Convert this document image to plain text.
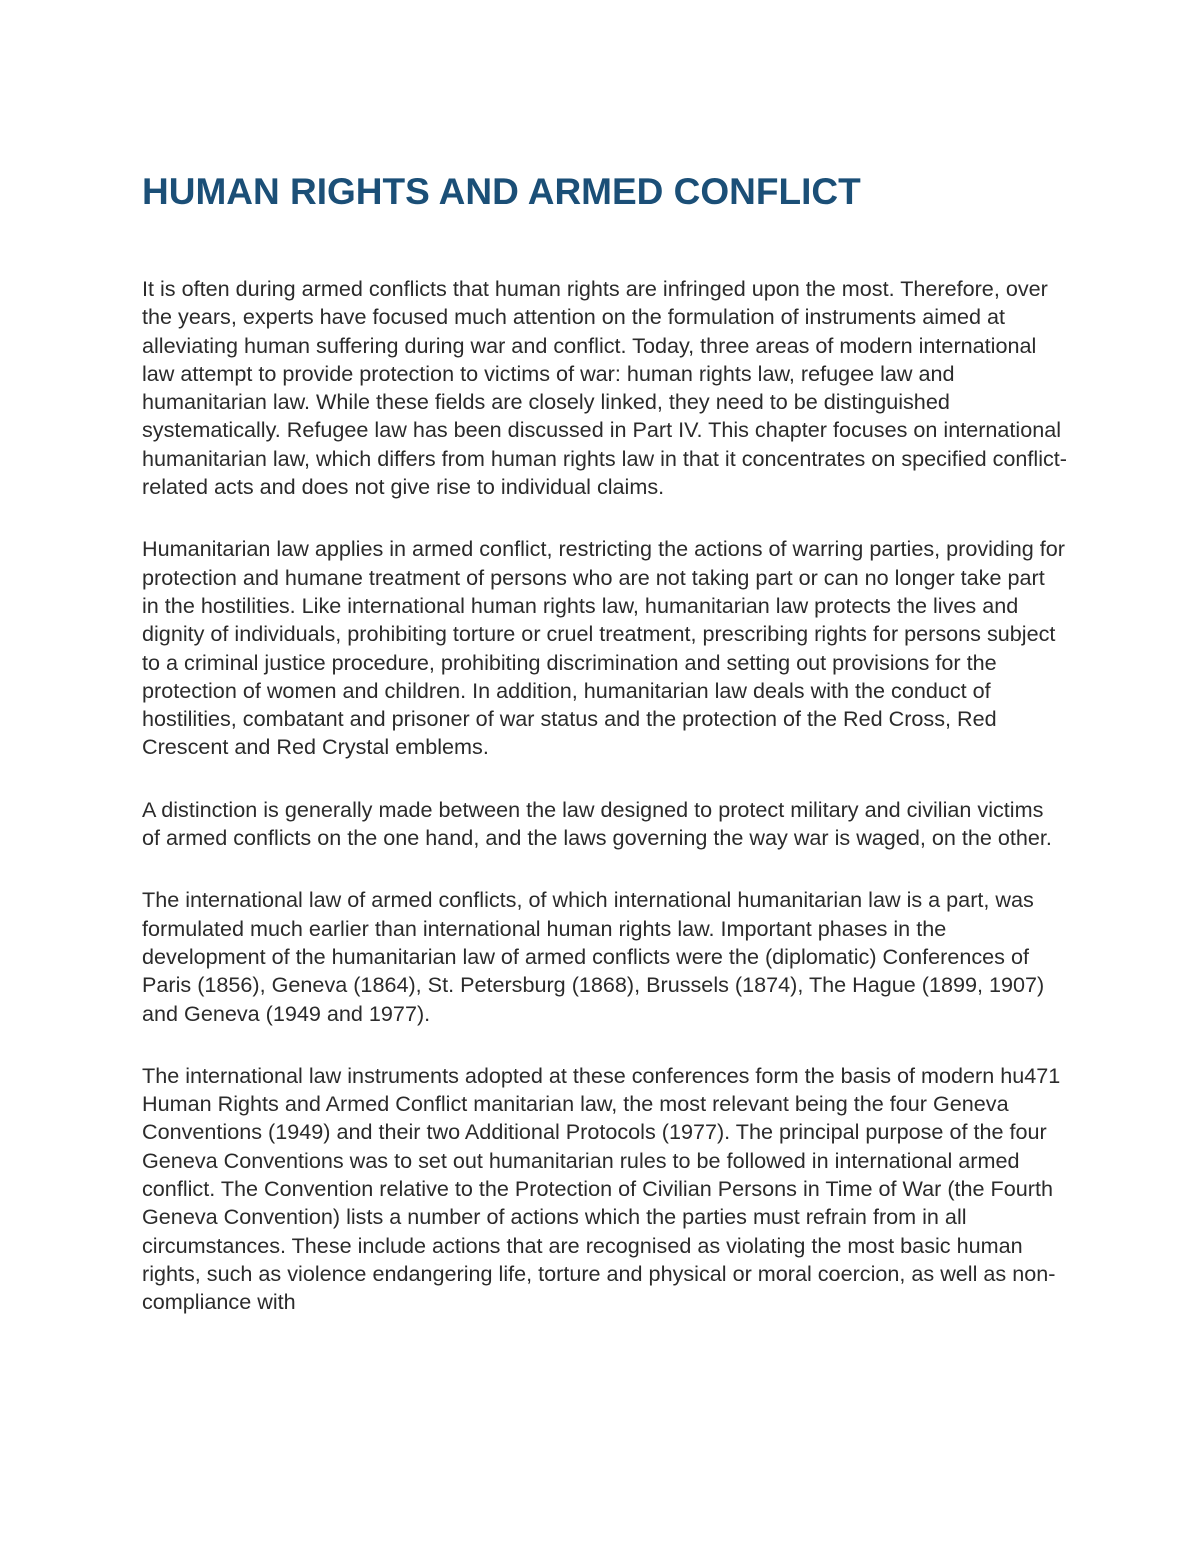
HUMAN RIGHTS AND ARMED CONFLICT

It is often during armed conflicts that human rights are infringed upon the most. Therefore, over the years, experts have focused much attention on the formulation of instruments aimed at alleviating human suffering during war and conflict. Today, three areas of modern international law attempt to provide protection to victims of war: human rights law, refugee law and humanitarian law. While these fields are closely linked, they need to be distinguished systematically. Refugee law has been discussed in Part IV. This chapter focuses on international humanitarian law, which differs from human rights law in that it concentrates on specified conflict-related acts and does not give rise to individual claims.

Humanitarian law applies in armed conflict, restricting the actions of warring parties, providing for protection and humane treatment of persons who are not taking part or can no longer take part in the hostilities. Like international human rights law, humanitarian law protects the lives and dignity of individuals, prohibiting torture or cruel treatment, prescribing rights for persons subject to a criminal justice procedure, prohibiting discrimination and setting out provisions for the protection of women and children. In addition, humanitarian law deals with the conduct of hostilities, combatant and prisoner of war status and the protection of the Red Cross, Red Crescent and Red Crystal emblems.

A distinction is generally made between the law designed to protect military and civilian victims of armed conflicts on the one hand, and the laws governing the way war is waged, on the other.

The international law of armed conflicts, of which international humanitarian law is a part, was formulated much earlier than international human rights law. Important phases in the development of the humanitarian law of armed conflicts were the (diplomatic) Conferences of Paris (1856), Geneva (1864), St. Petersburg (1868), Brussels (1874), The Hague (1899, 1907) and Geneva (1949 and 1977).

The international law instruments adopted at these conferences form the basis of modern hu471 Human Rights and Armed Conflict manitarian law, the most relevant being the four Geneva Conventions (1949) and their two Additional Protocols (1977). The principal purpose of the four Geneva Conventions was to set out humanitarian rules to be followed in international armed conflict. The Convention relative to the Protection of Civilian Persons in Time of War (the Fourth Geneva Convention) lists a number of actions which the parties must refrain from in all circumstances. These include actions that are recognised as violating the most basic human rights, such as violence endangering life, torture and physical or moral coercion, as well as non-compliance with
